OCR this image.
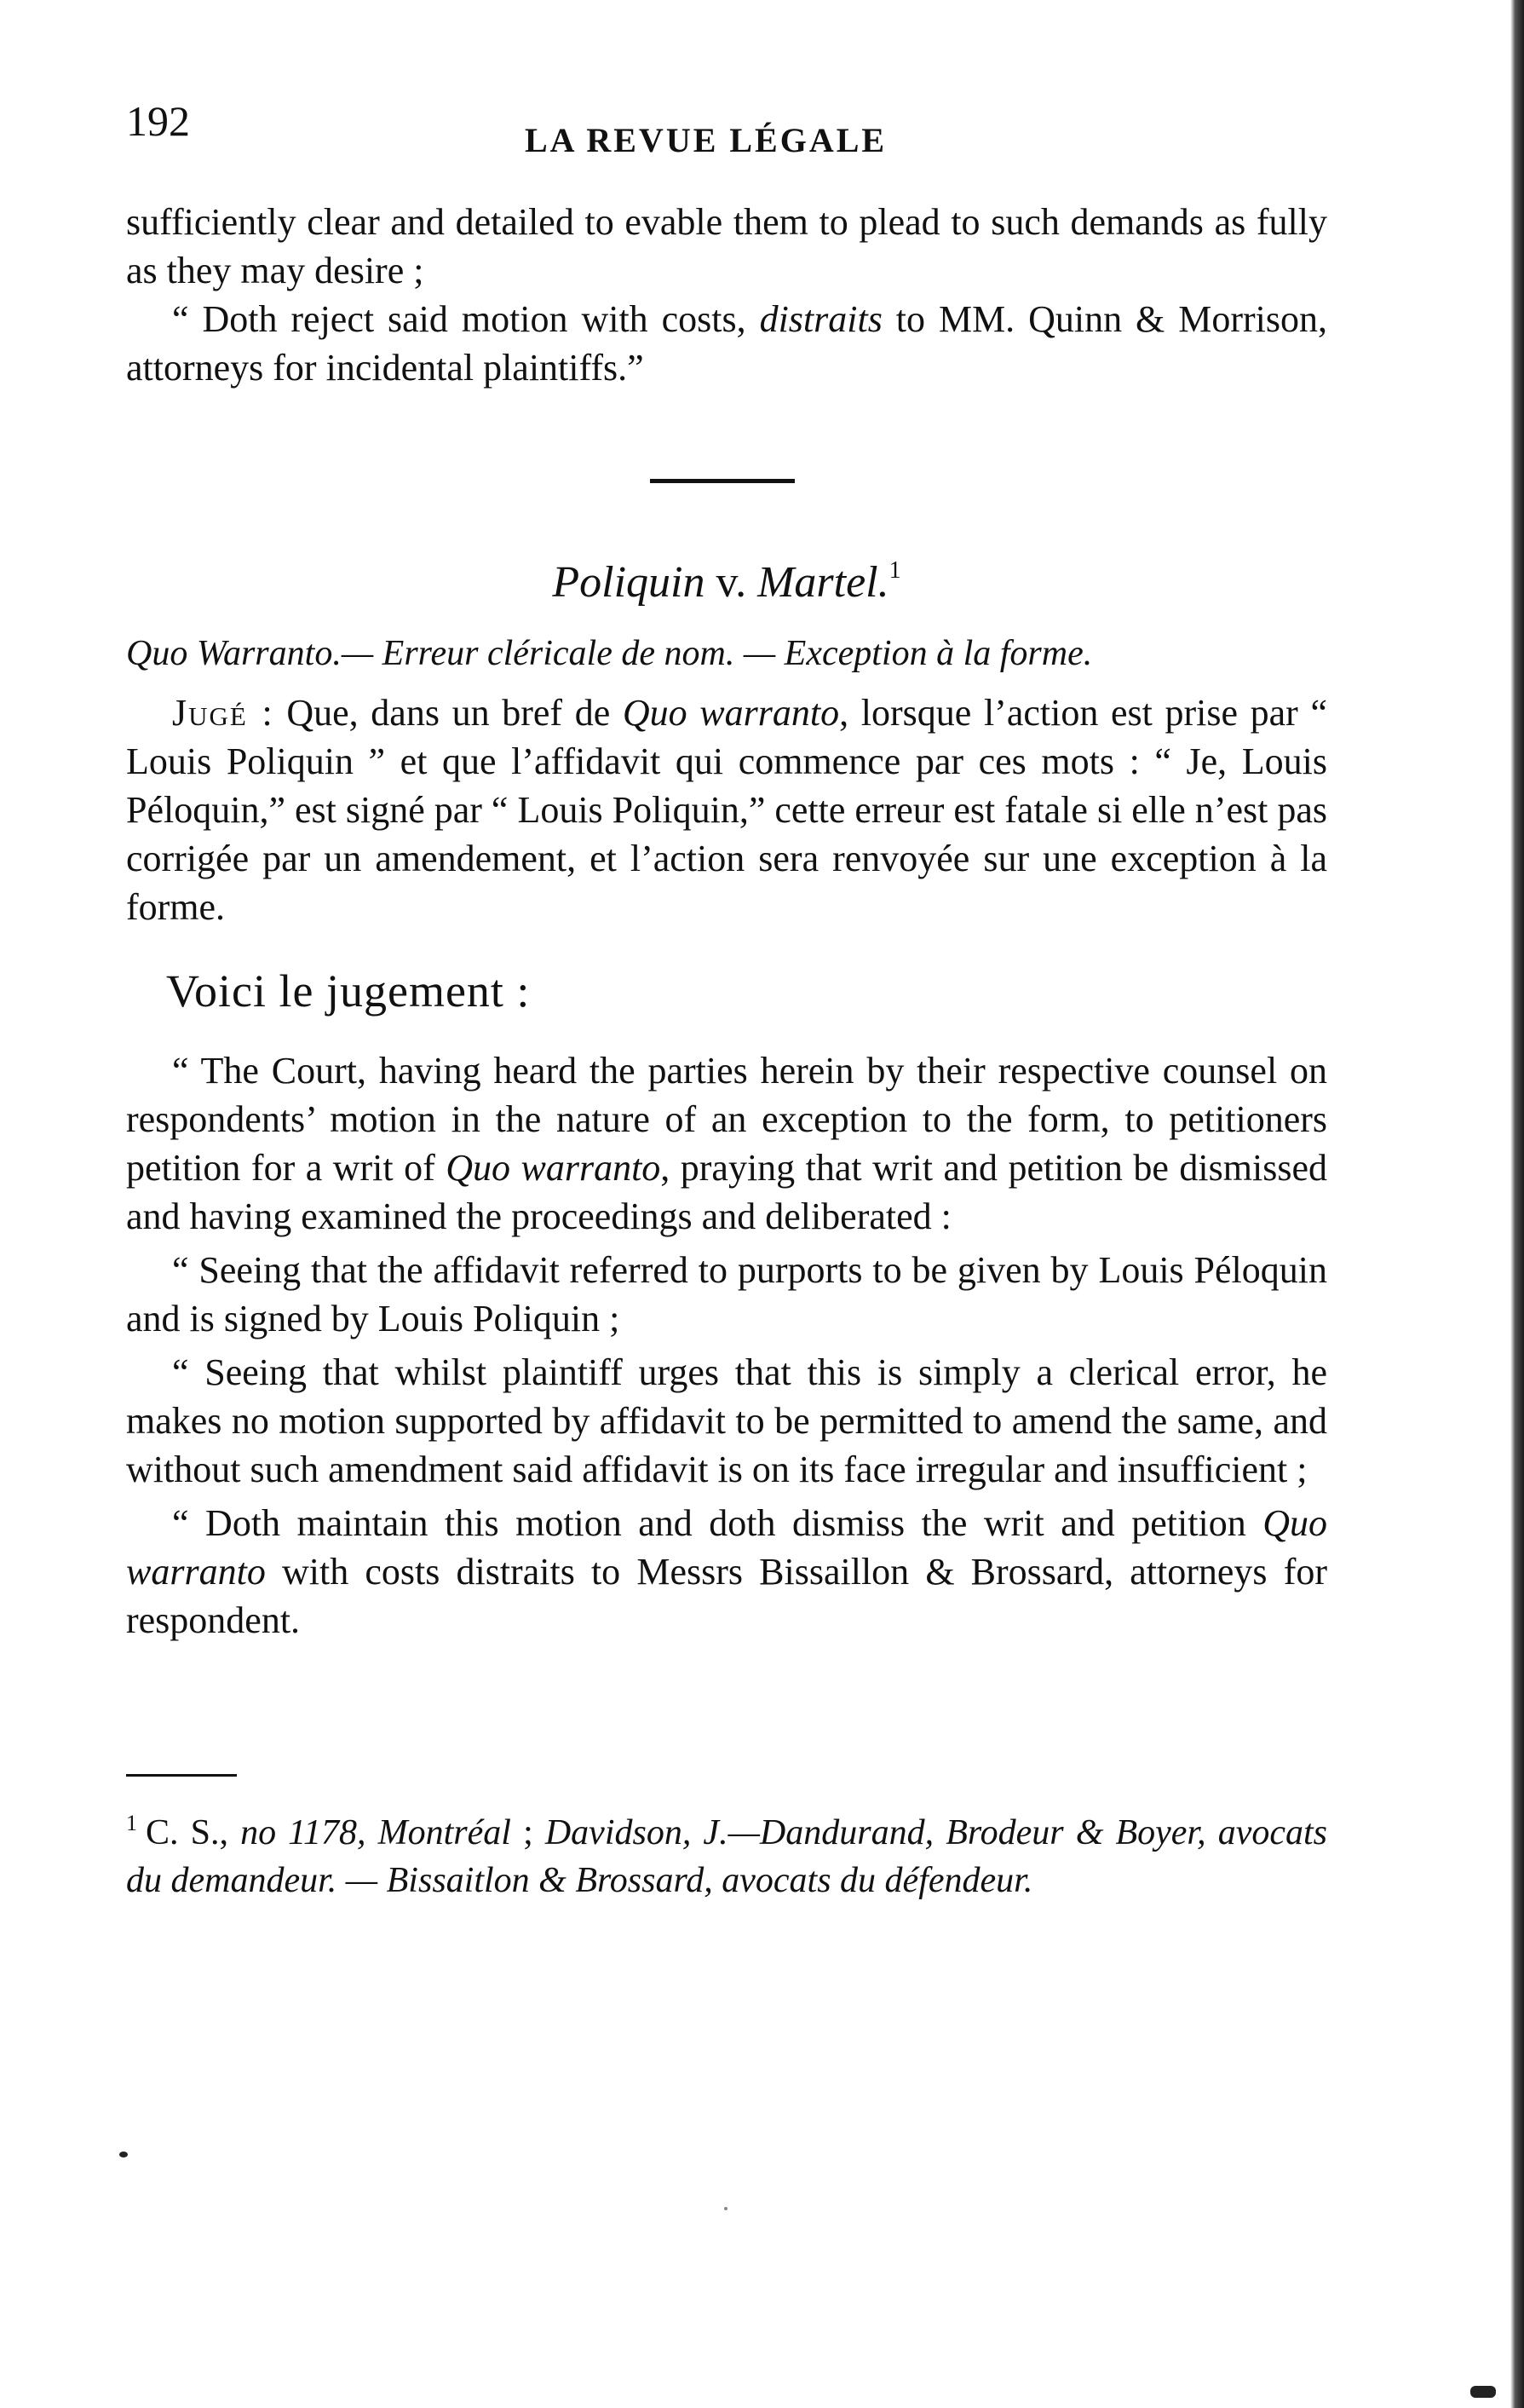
192	LA REVUE LÉGALE

sufficiently clear and detailed to evable them to plead to such demands as fully as they may desire ;

“ Doth reject said motion with costs, distraits to MM. Quinn & Morrison, attorneys for incidental plaintiffs.”

Poliquin v. Martel.$^1$
Quo Warranto.— Erreur cléricale de nom. — Exception à la forme.

Jugé : Que, dans un bref de Quo warranto, lorsque l’action est prise par “ Louis Poliquin ” et que l’affidavit qui commence par ces mots : “ Je, Louis Péloquin,” est signé par “ Louis Poliquin,” cette erreur est fatale si elle n’est pas corrigée par un amendement, et l’action sera renvoyée sur une exception à la forme.

Voici le jugement :

“ The Court, having heard the parties herein by their respective counsel on respondents’ motion in the nature of an exception to the form, to petitioners petition for a writ of Quo warranto, praying that writ and petition be dismissed and having examined the proceedings and deliberated :

“ Seeing that the affidavit referred to purports to be given by Louis Péloquin and is signed by Louis Poliquin ;

“ Seeing that whilst plaintiff urges that this is simply a clerical error, he makes no motion supported by affidavit to be permitted to amend the same, and without such amendment said affidavit is on its face irregular and insufficient ;

“ Doth maintain this motion and doth dismiss the writ and petition Quo warranto with costs distraits to Messrs Bissaillon & Brossard, attorneys for respondent.

$^1$ C. S., no 1178, Montréal ; Davidson, J.—Dandurand, Brodeur & Boyer, avocats du demandeur. — Bissaitlon & Brossard, avocats du défendeur.
